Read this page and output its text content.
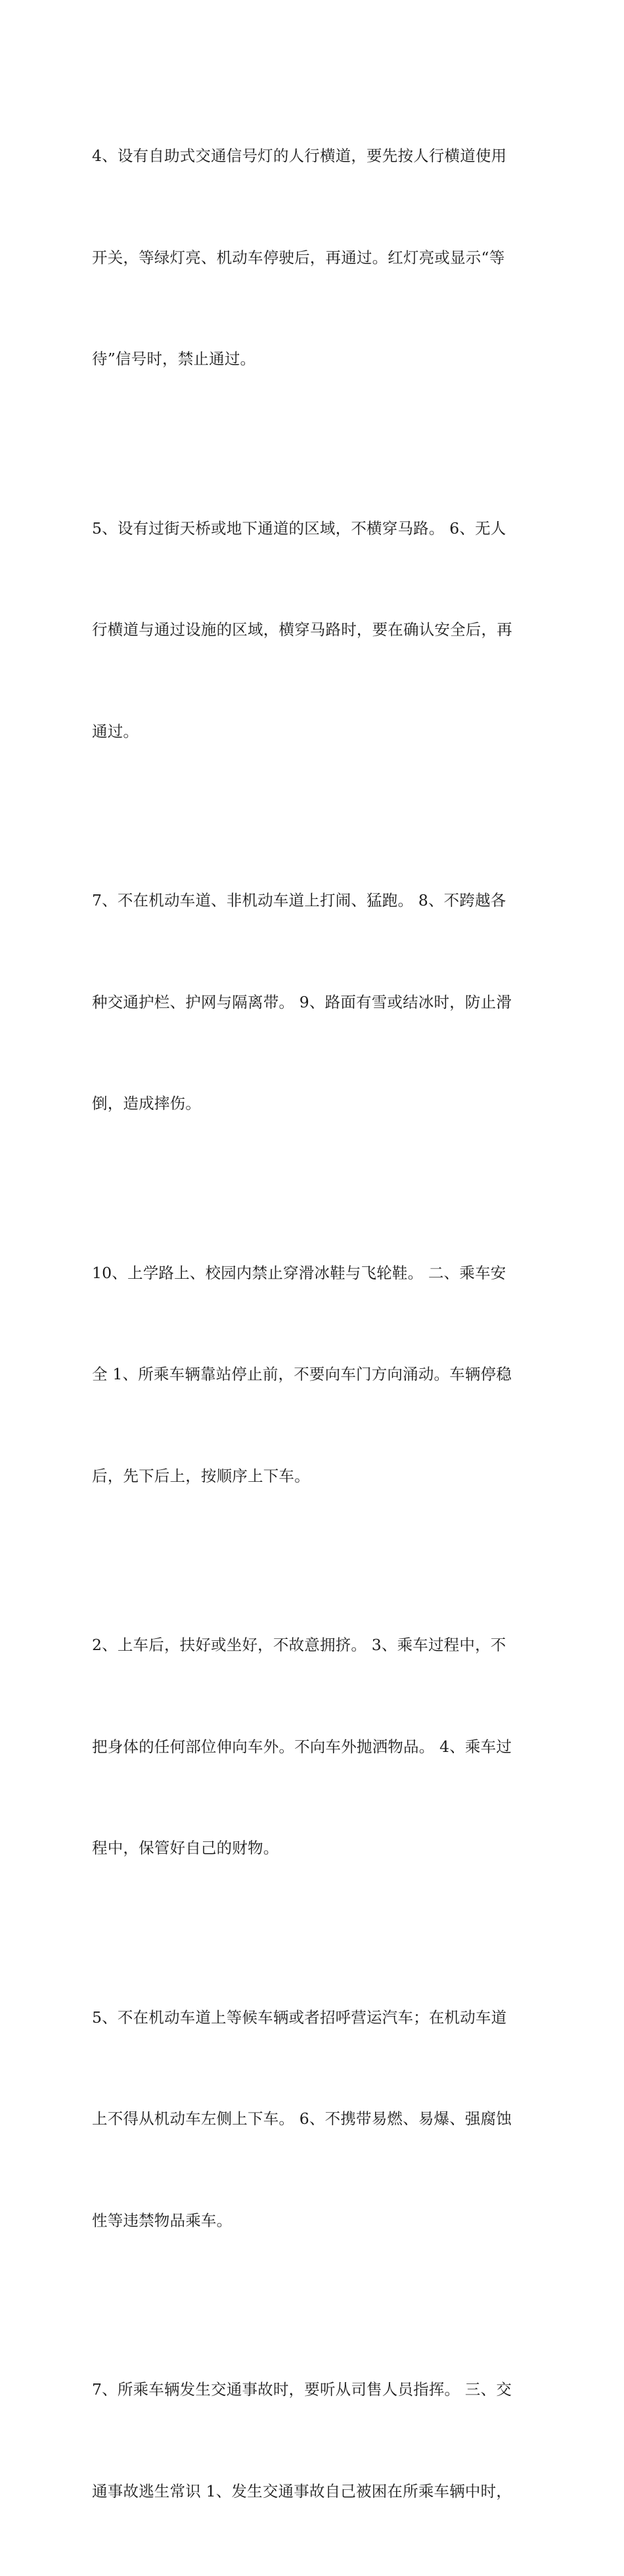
4、设有自助式交通信号灯的人行横道，要先按人行横道使用

开关，等绿灯亮、机动车停驶后，再通过。红灯亮或显示“等

待”信号时，禁止通过。

5、设有过街天桥或地下通道的区域，不横穿马路。 6、无人

行横道与通过设施的区域，横穿马路时，要在确认安全后，再

通过。

7、不在机动车道、非机动车道上打闹、猛跑。 8、不跨越各

种交通护栏、护网与隔离带。 9、路面有雪或结冰时，防止滑

倒，造成摔伤。

10、上学路上、校园内禁止穿滑冰鞋与飞轮鞋。 二、乘车安

全 1、所乘车辆靠站停止前，不要向车门方向涌动。车辆停稳

后，先下后上，按顺序上下车。

2、上车后，扶好或坐好，不故意拥挤。 3、乘车过程中，不

把身体的任何部位伸向车外。不向车外抛洒物品。 4、乘车过

程中，保管好自己的财物。

5、不在机动车道上等候车辆或者招呼营运汽车；在机动车道

上不得从机动车左侧上下车。 6、不携带易燃、易爆、强腐蚀

性等违禁物品乘车。

7、所乘车辆发生交通事故时，要听从司售人员指挥。 三、交

通事故逃生常识 1、发生交通事故自己被困在所乘车辆中时，
